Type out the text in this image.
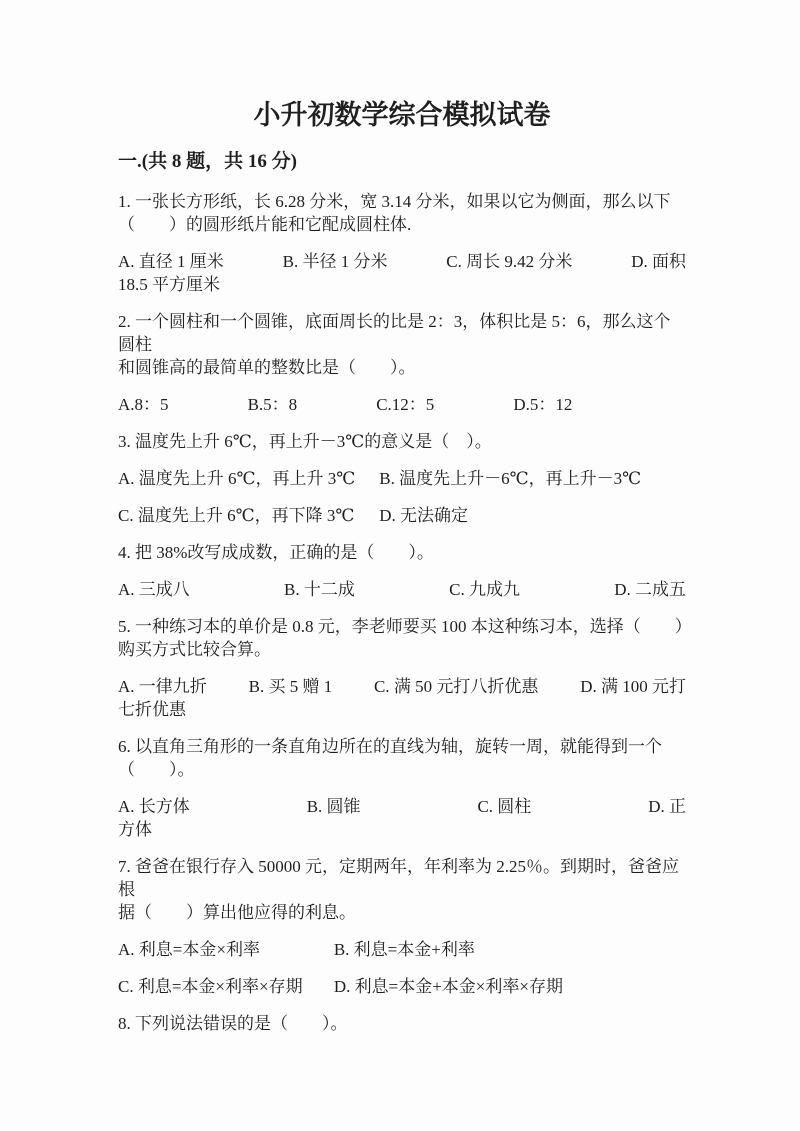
小升初数学综合模拟试卷
一.(共 8 题，共 16 分)
1. 一张长方形纸，长 6.28 分米，宽 3.14 分米，如果以它为侧面，那么以下
（　　）的圆形纸片能和它配成圆柱体.
A. 直径 1 厘米	B. 半径 1 分米	C. 周长 9.42 分米	D. 面积
18.5 平方厘米
2. 一个圆柱和一个圆锥，底面周长的比是 2：3，体积比是 5：6，那么这个圆柱
和圆锥高的最简单的整数比是（　　）。
A.8：5	B.5：8	C.12：5	D.5：12
3. 温度先上升 6℃，再上升－3℃的意义是（　）。
A. 温度先上升 6℃，再上升 3℃	B. 温度先上升－6℃，再上升－3℃
C. 温度先上升 6℃，再下降 3℃	D. 无法确定
4. 把 38%改写成成数，正确的是（　　）。
A. 三成八	B. 十二成	C. 九成九	D. 二成五
5. 一种练习本的单价是 0.8 元，李老师要买 100 本这种练习本，选择（　　）
购买方式比较合算。
A. 一律九折 B. 买 5 赠 1 C. 满 50 元打八折优惠 D. 满 100 元打
七折优惠
6. 以直角三角形的一条直角边所在的直线为轴，旋转一周，就能得到一个
（　　）。
A. 长方体	B. 圆锥	C. 圆柱	D. 正
方体
7. 爸爸在银行存入 50000 元，定期两年，年利率为 2.25％。到期时，爸爸应根
据（　　）算出他应得的利息。
A. 利息=本金×利率	B. 利息=本金+利率
C. 利息=本金×利率×存期	D. 利息=本金+本金×利率×存期
8. 下列说法错误的是（　　）。
